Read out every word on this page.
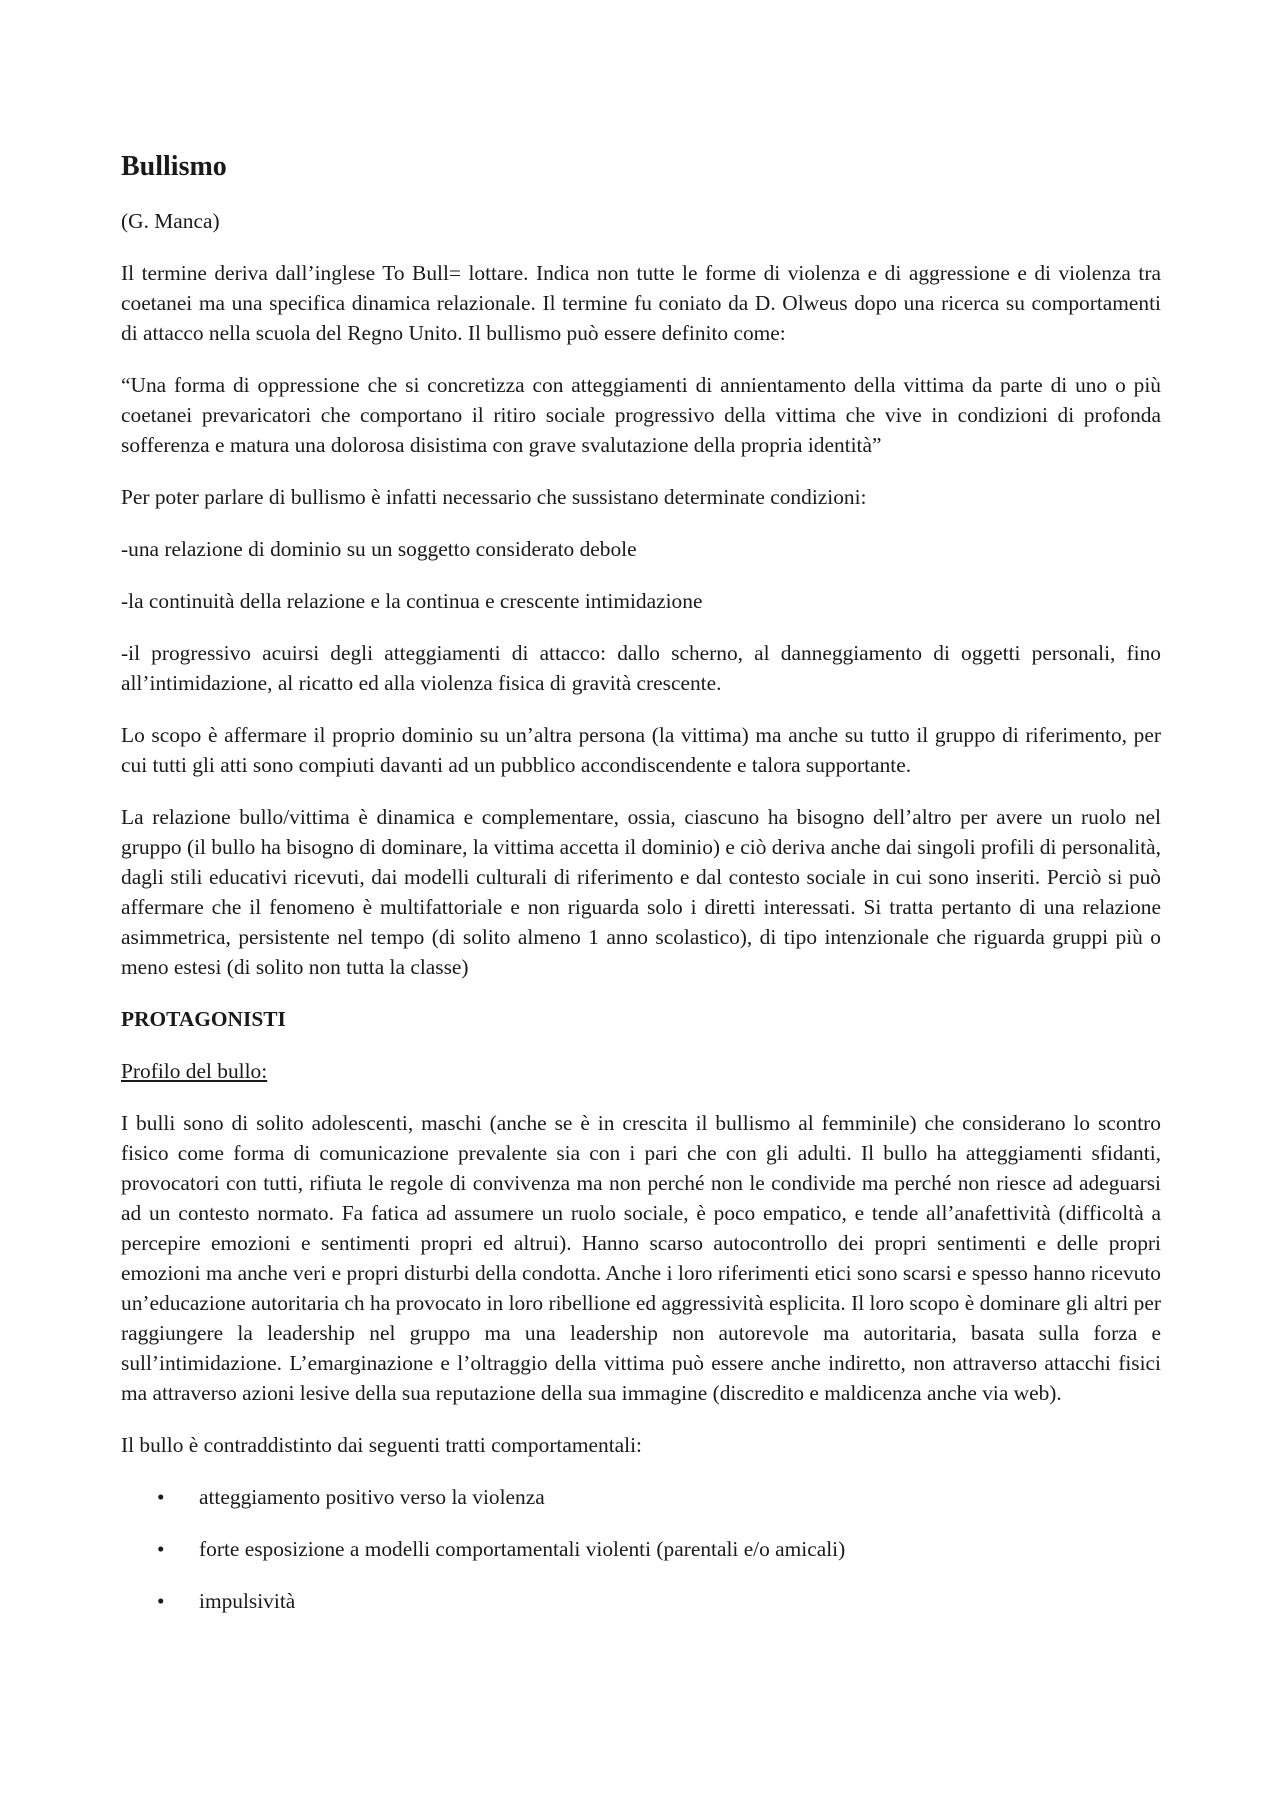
Bullismo

(G. Manca)

Il termine deriva dall’inglese To Bull= lottare. Indica non tutte le forme di violenza e di aggressione e di violenza tra coetanei ma una specifica dinamica relazionale. Il termine fu coniato da D. Olweus dopo una ricerca su comportamenti di attacco nella scuola del Regno Unito. Il bullismo può essere definito come:

“Una forma di oppressione che si concretizza con atteggiamenti di annientamento della vittima da parte di uno o più coetanei prevaricatori che comportano il ritiro sociale progressivo della vittima che vive in condizioni di profonda sofferenza e matura una dolorosa disistima con grave svalutazione della propria identità”

Per poter parlare di bullismo è infatti necessario che sussistano determinate condizioni:

-una relazione di dominio su un soggetto considerato debole

-la continuità della relazione e la continua e crescente intimidazione

-il progressivo acuirsi degli atteggiamenti di attacco: dallo scherno, al danneggiamento di oggetti personali, fino all’intimidazione, al ricatto ed alla violenza fisica di gravità crescente.

Lo scopo è affermare il proprio dominio su un’altra persona (la vittima) ma anche su tutto il gruppo di riferimento, per cui tutti gli atti sono compiuti davanti ad un pubblico accondiscendente e talora supportante.

La relazione bullo/vittima è dinamica e complementare, ossia, ciascuno ha bisogno dell’altro per avere un ruolo nel gruppo (il bullo ha bisogno di dominare, la vittima accetta il dominio) e ciò deriva anche dai singoli profili di personalità, dagli stili educativi ricevuti, dai modelli culturali di riferimento e dal contesto sociale in cui sono inseriti. Perciò si può affermare che il fenomeno è multifattoriale e non riguarda solo i diretti interessati. Si tratta pertanto di una relazione asimmetrica, persistente nel tempo (di solito almeno 1 anno scolastico), di tipo intenzionale che riguarda gruppi più o meno estesi (di solito non tutta la classe)

PROTAGONISTI

Profilo del bullo:

I bulli sono di solito adolescenti, maschi (anche se è in crescita il bullismo al femminile) che considerano lo scontro fisico come forma di comunicazione prevalente sia con i pari che con gli adulti. Il bullo ha atteggiamenti sfidanti, provocatori con tutti, rifiuta le regole di convivenza ma non perché non le condivide ma perché non riesce ad adeguarsi ad un contesto normato. Fa fatica ad assumere un ruolo sociale, è poco empatico, e tende all’anafettività (difficoltà a percepire emozioni e sentimenti propri ed altrui). Hanno scarso autocontrollo dei propri sentimenti e delle propri emozioni ma anche veri e propri disturbi della condotta. Anche i loro riferimenti etici sono scarsi e spesso hanno ricevuto un’educazione autoritaria ch ha provocato in loro ribellione ed aggressività esplicita. Il loro scopo è dominare gli altri per raggiungere la leadership nel gruppo ma una leadership non autorevole ma autoritaria, basata sulla forza e sull’intimidazione. L’emarginazione e l’oltraggio della vittima può essere anche indiretto, non attraverso attacchi fisici ma attraverso azioni lesive della sua reputazione della sua immagine (discredito e maldicenza anche via web).

Il bullo è contraddistinto dai seguenti tratti comportamentali:

• atteggiamento positivo verso la violenza
• forte esposizione a modelli comportamentali violenti (parentali e/o amicali)
• impulsività
